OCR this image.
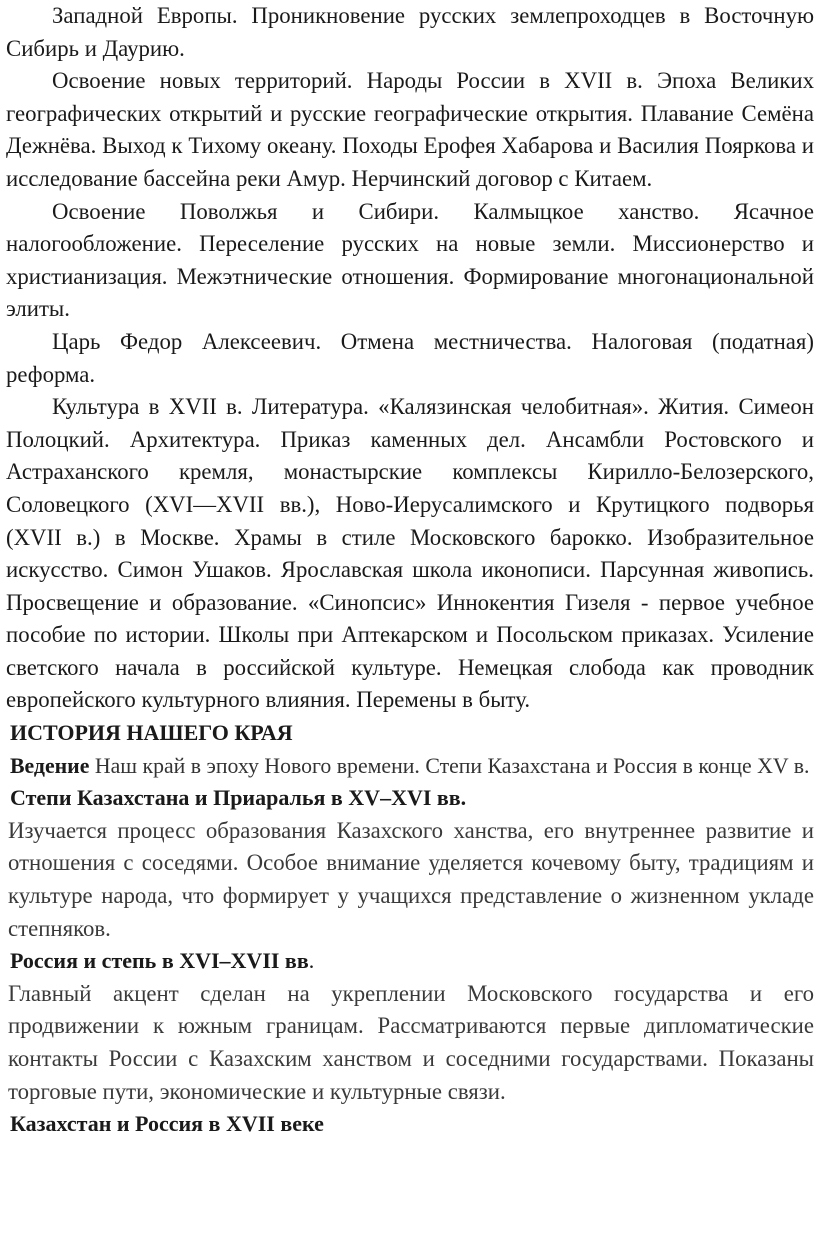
Западной Европы. Проникновение русских землепроходцев в Восточную Сибирь и Даурию.

Освоение новых территорий. Народы России в XVII в. Эпоха Великих географических открытий и русские географические открытия. Плавание Семёна Дежнёва. Выход к Тихому океану. Походы Ерофея Хабарова и Василия Пояркова и исследование бассейна реки Амур. Нерчинский договор с Китаем.

Освоение Поволжья и Сибири. Калмыцкое ханство. Ясачное налогообложение. Переселение русских на новые земли. Миссионерство и христианизация. Межэтнические отношения. Формирование многонациональной элиты.

Царь Федор Алексеевич. Отмена местничества. Налоговая (податная) реформа.

Культура в XVII в. Литература. «Калязинская челобитная». Жития. Симеон Полоцкий. Архитектура. Приказ каменных дел. Ансамбли Ростовского и Астраханского кремля, монастырские комплексы Кирилло-Белозерского, Соловецкого (XVI—XVII вв.), Ново-Иерусалимского и Крутицкого подворья (XVII в.) в Москве. Храмы в стиле Московского барокко. Изобразительное искусство. Симон Ушаков. Ярославская школа иконописи. Парсунная живопись. Просвещение и образование. «Синопсис» Иннокентия Гизеля - первое учебное пособие по истории. Школы при Аптекарском и Посольском приказах. Усиление светского начала в российской культуре. Немецкая слобода как проводник европейского культурного влияния. Перемены в быту.

ИСТОРИЯ НАШЕГО КРАЯ

Ведение Наш край в эпоху Нового времени. Степи Казахстана и Россия в конце XV в.

Степи Казахстана и Приаралья в XV–XVI вв.

Изучается процесс образования Казахского ханства, его внутреннее развитие и отношения с соседями. Особое внимание уделяется кочевому быту, традициям и культуре народа, что формирует у учащихся представление о жизненном укладе степняков.

Россия и степь в XVI–XVII вв.

Главный акцент сделан на укреплении Московского государства и его продвижении к южным границам. Рассматриваются первые дипломатические контакты России с Казахским ханством и соседними государствами. Показаны торговые пути, экономические и культурные связи.

Казахстан и Россия в XVII веке
